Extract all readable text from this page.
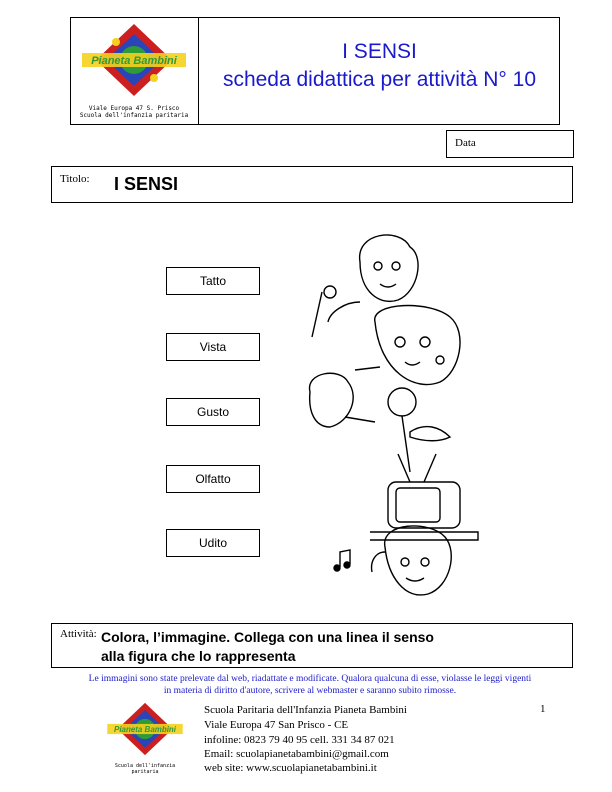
Pianeta Bambini
Viale Europa 47 S. Prisco
Scuola dell'infanzia paritaria
I SENSI
scheda didattica per attività N° 10
Data
Titolo: I SENSI
Tatto
Vista
Gusto
Olfatto
Udito
Attività: Colora, l’immagine. Collega con una linea il senso
alla figura che lo rappresenta
Le immagini sono state prelevate dal web, riadattate e modificate. Qualora qualcuna di esse, violasse le leggi vigenti
in materia di diritto d'autore, scrivere al webmaster e saranno subito rimosse.
1
Pianeta Bambini
Scuola dell'infanzia paritaria
Scuola Paritaria dell'Infanzia Pianeta Bambini
Viale Europa 47 San Prisco - CE
infoline: 0823 79 40 95 cell. 331 34 87 021
Email: scuolapianetabambini@gmail.com
web site: www.scuolapianetabambini.it
